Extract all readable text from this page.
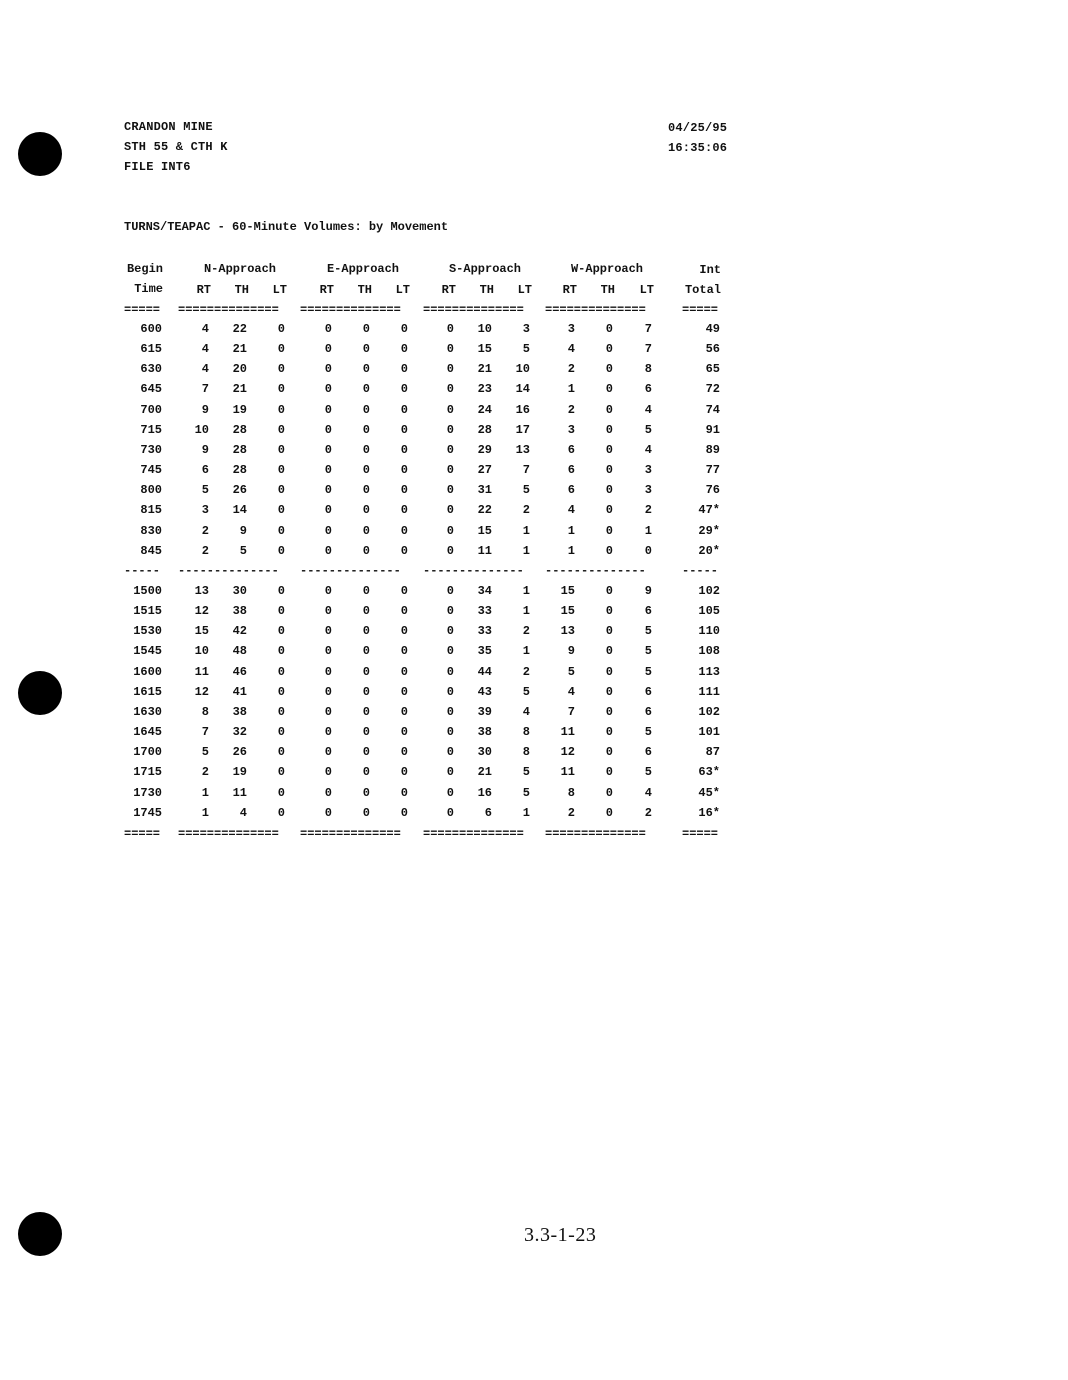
CRANDON MINE
STH 55 & CTH K
FILE INT6
04/25/95
16:35:06
TURNS/TEAPAC - 60-Minute Volumes: by Movement
Begin	N-Approach	E-Approach	S-Approach	W-Approach	Int
Time	RT	TH	LT	RT	TH	LT	RT	TH	LT	RT	TH	LT	Total
=====	==============	==============	==============	==============	=====
600	4	22	0	0	0	0	0	10	3	3	0	7	49
615	4	21	0	0	0	0	0	15	5	4	0	7	56
630	4	20	0	0	0	0	0	21	10	2	0	8	65
645	7	21	0	0	0	0	0	23	14	1	0	6	72
700	9	19	0	0	0	0	0	24	16	2	0	4	74
715	10	28	0	0	0	0	0	28	17	3	0	5	91
730	9	28	0	0	0	0	0	29	13	6	0	4	89
745	6	28	0	0	0	0	0	27	7	6	0	3	77
800	5	26	0	0	0	0	0	31	5	6	0	3	76
815	3	14	0	0	0	0	0	22	2	4	0	2	47*
830	2	9	0	0	0	0	0	15	1	1	0	1	29*
845	2	5	0	0	0	0	0	11	1	1	0	0	20*
-----	--------------	--------------	--------------	--------------	-----
1500	13	30	0	0	0	0	0	34	1	15	0	9	102
1515	12	38	0	0	0	0	0	33	1	15	0	6	105
1530	15	42	0	0	0	0	0	33	2	13	0	5	110
1545	10	48	0	0	0	0	0	35	1	9	0	5	108
1600	11	46	0	0	0	0	0	44	2	5	0	5	113
1615	12	41	0	0	0	0	0	43	5	4	0	6	111
1630	8	38	0	0	0	0	0	39	4	7	0	6	102
1645	7	32	0	0	0	0	0	38	8	11	0	5	101
1700	5	26	0	0	0	0	0	30	8	12	0	6	87
1715	2	19	0	0	0	0	0	21	5	11	0	5	63*
1730	1	11	0	0	0	0	0	16	5	8	0	4	45*
1745	1	4	0	0	0	0	0	6	1	2	0	2	16*
=====	==============	==============	==============	==============	=====
3.3-1-23
